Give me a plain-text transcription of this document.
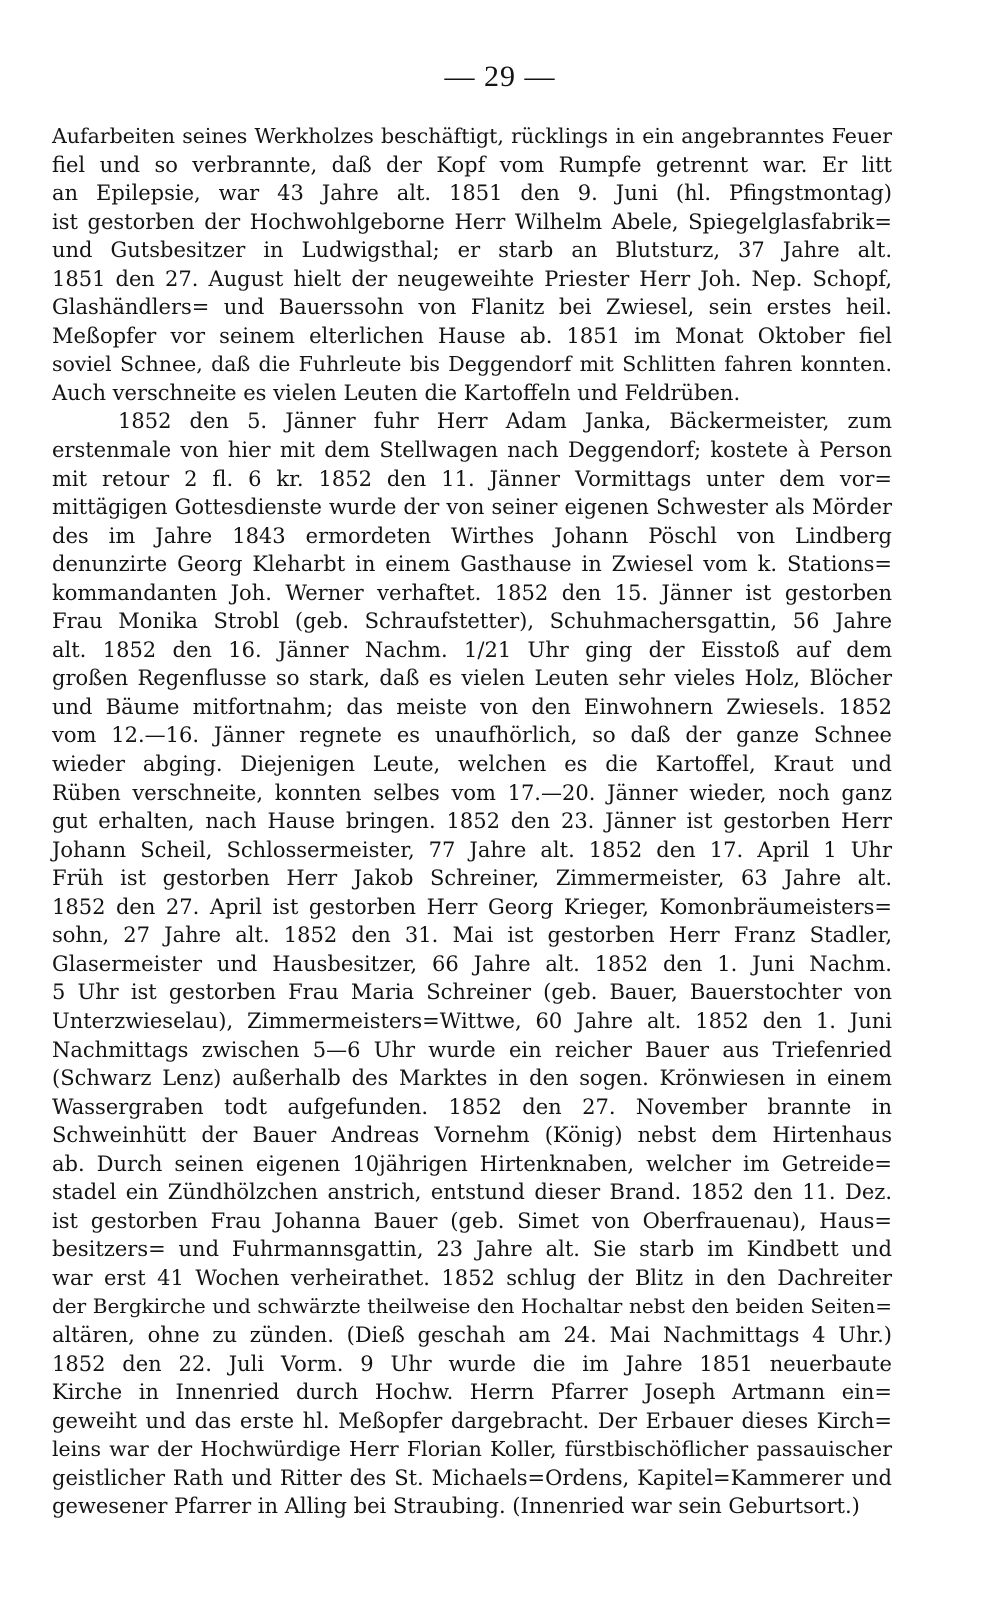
— 29 —
Aufarbeiten seines Werkholzes beschäftigt, rücklings in ein angebranntes Feuer
fiel und so verbrannte, daß der Kopf vom Rumpfe getrennt war. Er litt
an Epilepsie, war 43 Jahre alt. 1851 den 9. Juni (hl. Pfingstmontag)
ist gestorben der Hochwohlgeborne Herr Wilhelm Abele, Spiegelglasfabrik=
und Gutsbesitzer in Ludwigsthal; er starb an Blutsturz, 37 Jahre alt.
1851 den 27. August hielt der neugeweihte Priester Herr Joh. Nep. Schopf,
Glashändlers= und Bauerssohn von Flanitz bei Zwiesel, sein erstes heil.
Meßopfer vor seinem elterlichen Hause ab. 1851 im Monat Oktober fiel
soviel Schnee, daß die Fuhrleute bis Deggendorf mit Schlitten fahren konnten.
Auch verschneite es vielen Leuten die Kartoffeln und Feldrüben.
1852 den 5. Jänner fuhr Herr Adam Janka, Bäckermeister, zum
erstenmale von hier mit dem Stellwagen nach Deggendorf; kostete à Person
mit retour 2 fl. 6 kr. 1852 den 11. Jänner Vormittags unter dem vor=
mittägigen Gottesdienste wurde der von seiner eigenen Schwester als Mörder
des im Jahre 1843 ermordeten Wirthes Johann Pöschl von Lindberg
denunzirte Georg Kleharbt in einem Gasthause in Zwiesel vom k. Stations=
kommandanten Joh. Werner verhaftet. 1852 den 15. Jänner ist gestorben
Frau Monika Strobl (geb. Schraufstetter), Schuhmachersgattin, 56 Jahre
alt. 1852 den 16. Jänner Nachm. 1/21 Uhr ging der Eisstoß auf dem
großen Regenflusse so stark, daß es vielen Leuten sehr vieles Holz, Blöcher
und Bäume mitfortnahm; das meiste von den Einwohnern Zwiesels. 1852
vom 12.—16. Jänner regnete es unaufhörlich, so daß der ganze Schnee
wieder abging. Diejenigen Leute, welchen es die Kartoffel, Kraut und
Rüben verschneite, konnten selbes vom 17.—20. Jänner wieder, noch ganz
gut erhalten, nach Hause bringen. 1852 den 23. Jänner ist gestorben Herr
Johann Scheil, Schlossermeister, 77 Jahre alt. 1852 den 17. April 1 Uhr
Früh ist gestorben Herr Jakob Schreiner, Zimmermeister, 63 Jahre alt.
1852 den 27. April ist gestorben Herr Georg Krieger, Komonbräumeisters=
sohn, 27 Jahre alt. 1852 den 31. Mai ist gestorben Herr Franz Stadler,
Glasermeister und Hausbesitzer, 66 Jahre alt. 1852 den 1. Juni Nachm.
5 Uhr ist gestorben Frau Maria Schreiner (geb. Bauer, Bauerstochter von
Unterzwieselau), Zimmermeisters=Wittwe, 60 Jahre alt. 1852 den 1. Juni
Nachmittags zwischen 5—6 Uhr wurde ein reicher Bauer aus Triefenried
(Schwarz Lenz) außerhalb des Marktes in den sogen. Krönwiesen in einem
Wassergraben todt aufgefunden. 1852 den 27. November brannte in
Schweinhütt der Bauer Andreas Vornehm (König) nebst dem Hirtenhaus
ab. Durch seinen eigenen 10jährigen Hirtenknaben, welcher im Getreide=
stadel ein Zündhölzchen anstrich, entstund dieser Brand. 1852 den 11. Dez.
ist gestorben Frau Johanna Bauer (geb. Simet von Oberfrauenau), Haus=
besitzers= und Fuhrmannsgattin, 23 Jahre alt. Sie starb im Kindbett und
war erst 41 Wochen verheirathet. 1852 schlug der Blitz in den Dachreiter
der Bergkirche und schwärzte theilweise den Hochaltar nebst den beiden Seiten=
altären, ohne zu zünden. (Dieß geschah am 24. Mai Nachmittags 4 Uhr.)
1852 den 22. Juli Vorm. 9 Uhr wurde die im Jahre 1851 neuerbaute
Kirche in Innenried durch Hochw. Herrn Pfarrer Joseph Artmann ein=
geweiht und das erste hl. Meßopfer dargebracht. Der Erbauer dieses Kirch=
leins war der Hochwürdige Herr Florian Koller, fürstbischöflicher passauischer
geistlicher Rath und Ritter des St. Michaels=Ordens, Kapitel=Kammerer und
gewesener Pfarrer in Alling bei Straubing. (Innenried war sein Geburtsort.)
